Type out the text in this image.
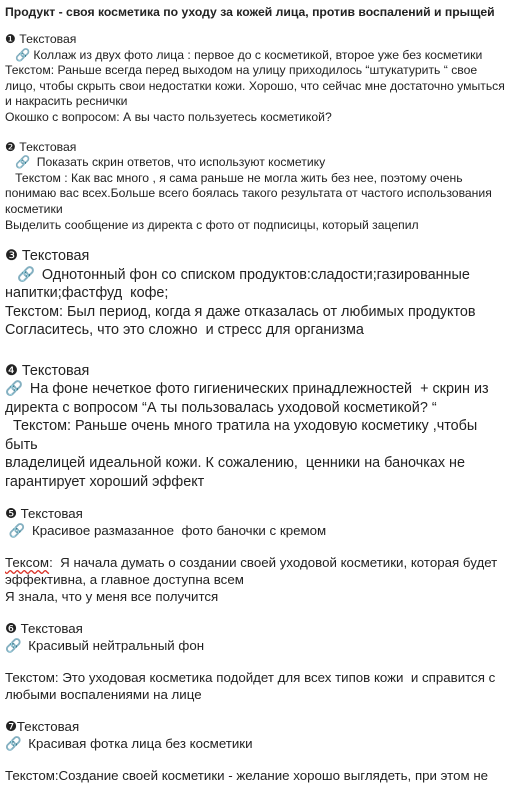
Продукт - своя косметика по уходу за кожей лица, против воспалений и прыщей
❶ Текстовая
🔗 Коллаж из двух фото лица : первое до с косметикой, второе уже без косметики
Текстом: Раньше всегда перед выходом на улицу приходилось “штукатурить “ свое
лицо, чтобы скрыть свои недостатки кожи. Хорошо, что сейчас мне достаточно умыться
и накрасить реснички
Окошко с вопросом: А вы часто пользуетесь косметикой?
❷ Текстовая
🔗 Показать скрин ответов, что используют косметику
Текстом : Как вас много , я сама раньше не могла жить без нее, поэтому очень
понимаю вас всех.Больше всего боялась такого результата от частого использования
косметики
Выделить сообщение из директа с фото от подписицы, который зацепил
❸ Текстовая
🔗 Однотонный фон со списком продуктов:сладости;газированные
напитки;фастфуд  кофе;
Текстом: Был период, когда я даже отказалась от любимых продуктов
Согласитесь, что это сложно  и стресс для организма
❹ Текстовая
🔗 На фоне нечеткое фото гигиенических принадлежностей  + скрин из
директа с вопросом “А ты пользовалась уходовой косметикой? “
Текстом: Раньше очень много тратила на уходовую косметику ,чтобы быть
владелицей идеальной кожи. К сожалению,  ценники на баночках не
гарантирует хороший эффект
❺ Текстовая
🔗 Красивое размазанное  фото баночки с кремом
Тексом:  Я начала думать о создании своей уходовой косметики, которая будет
эффективна, а главное доступна всем
Я знала, что у меня все получится
❻ Текстовая
🔗 Красивый нейтральный фон
Текстом: Это уходовая косметика подойдет для всех типов кожи  и справится с
любыми воспалениями на лице
❼Текстовая
🔗 Красивая фотка лица без косметики
Текстом:Создание своей косметики - желание хорошо выглядеть, при этом не
